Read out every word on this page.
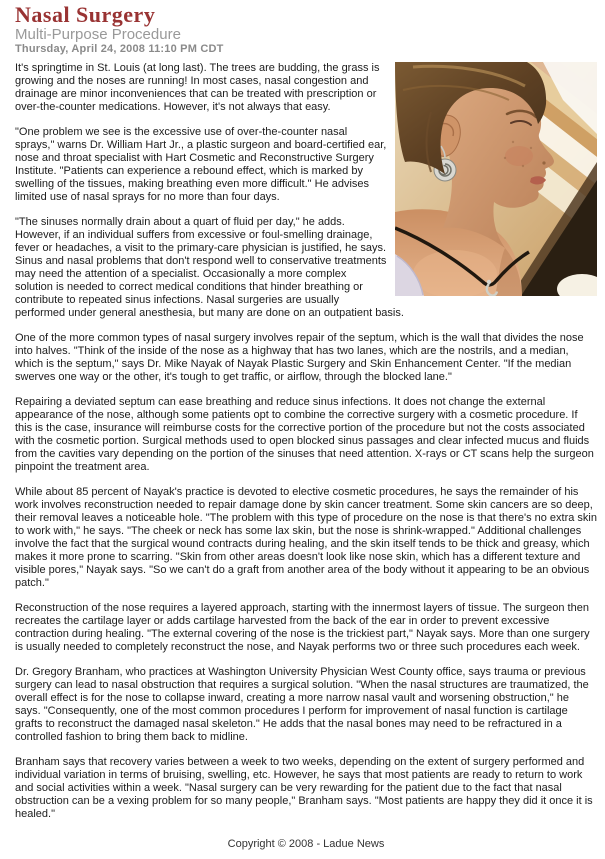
Nasal Surgery
Multi-Purpose Procedure
Thursday, April 24, 2008 11:10 PM CDT

It's springtime in St. Louis (at long last). The trees are budding, the grass is growing and the noses are running! In most cases, nasal congestion and drainage are minor inconveniences that can be treated with prescription or over-the-counter medications. However, it's not always that easy.

"One problem we see is the excessive use of over-the-counter nasal sprays," warns Dr. William Hart Jr., a plastic surgeon and board-certified ear, nose and throat specialist with Hart Cosmetic and Reconstructive Surgery Institute. "Patients can experience a rebound effect, which is marked by swelling of the tissues, making breathing even more difficult." He advises limited use of nasal sprays for no more than four days.

"The sinuses normally drain about a quart of fluid per day," he adds. However, if an individual suffers from excessive or foul-smelling drainage, fever or headaches, a visit to the primary-care physician is justified, he says. Sinus and nasal problems that don't respond well to conservative treatments may need the attention of a specialist. Occasionally a more complex solution is needed to correct medical conditions that hinder breathing or contribute to repeated sinus infections. Nasal surgeries are usually performed under general anesthesia, but many are done on an outpatient basis.

One of the more common types of nasal surgery involves repair of the septum, which is the wall that divides the nose into halves. "Think of the inside of the nose as a highway that has two lanes, which are the nostrils, and a median, which is the septum," says Dr. Mike Nayak of Nayak Plastic Surgery and Skin Enhancement Center. "If the median swerves one way or the other, it's tough to get traffic, or airflow, through the blocked lane."

Repairing a deviated septum can ease breathing and reduce sinus infections. It does not change the external appearance of the nose, although some patients opt to combine the corrective surgery with a cosmetic procedure. If this is the case, insurance will reimburse costs for the corrective portion of the procedure but not the costs associated with the cosmetic portion. Surgical methods used to open blocked sinus passages and clear infected mucus and fluids from the cavities vary depending on the portion of the sinuses that need attention. X-rays or CT scans help the surgeon pinpoint the treatment area.

While about 85 percent of Nayak's practice is devoted to elective cosmetic procedures, he says the remainder of his work involves reconstruction needed to repair damage done by skin cancer treatment. Some skin cancers are so deep, their removal leaves a noticeable hole. "The problem with this type of procedure on the nose is that there's no extra skin to work with," he says. "The cheek or neck has some lax skin, but the nose is shrink-wrapped." Additional challenges involve the fact that the surgical wound contracts during healing, and the skin itself tends to be thick and greasy, which makes it more prone to scarring. "Skin from other areas doesn't look like nose skin, which has a different texture and visible pores," Nayak says. "So we can't do a graft from another area of the body without it appearing to be an obvious patch."

Reconstruction of the nose requires a layered approach, starting with the innermost layers of tissue. The surgeon then recreates the cartilage layer or adds cartilage harvested from the back of the ear in order to prevent excessive contraction during healing. "The external covering of the nose is the trickiest part," Nayak says. More than one surgery is usually needed to completely reconstruct the nose, and Nayak performs two or three such procedures each week.

Dr. Gregory Branham, who practices at Washington University Physician West County office, says trauma or previous surgery can lead to nasal obstruction that requires a surgical solution. "When the nasal structures are traumatized, the overall effect is for the nose to collapse inward, creating a more narrow nasal vault and worsening obstruction," he says. "Consequently, one of the most common procedures I perform for improvement of nasal function is cartilage grafts to reconstruct the damaged nasal skeleton." He adds that the nasal bones may need to be refractured in a controlled fashion to bring them back to midline.

Branham says that recovery varies between a week to two weeks, depending on the extent of surgery performed and individual variation in terms of bruising, swelling, etc. However, he says that most patients are ready to return to work and social activities within a week. "Nasal surgery can be very rewarding for the patient due to the fact that nasal obstruction can be a vexing problem for so many people," Branham says. "Most patients are happy they did it once it is healed."

Copyright © 2008 - Ladue News
